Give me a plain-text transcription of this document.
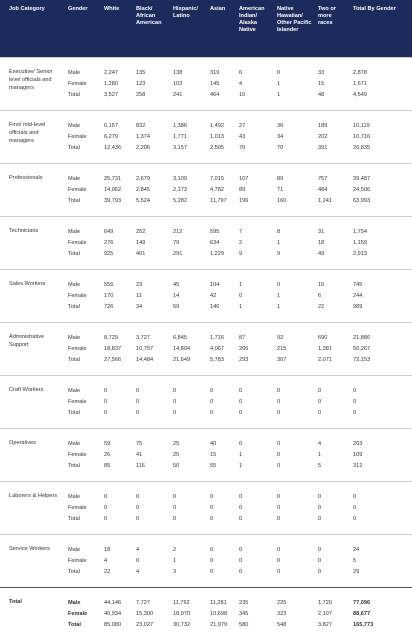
Job Category	Gender	White	Black/ African American	Hispanic/ Latino	Asian	American Indian/ Alaska Native	Native Hawaiian/ Other Pacific Islander	Two or more races	Total By Gender
Executive/ Senior level officials and managers	Male	2,247	135	138	319	6	0	33	2,878
	Female	1,280	123	103	145	4	1	15	1,671
	Total	3,527	258	241	464	10	1	48	4,549
First/ mid-level officials and managers	Male	6,157	832	1,386	1,492	27	36	189	10,119
	Female	6,279	1,374	1,771	1,013	43	34	202	10,716
	Total	12,436	2,206	3,157	2,505	70	70	391	20,835
Professionals	Male	25,731	2,679	3,109	7,015	107	89	757	39,487
	Female	14,062	2,845	2,173	4,782	89	71	484	24,506
	Total	39,793	5,524	5,282	11,797	196	160	1,241	63,993
Technicians	Male	649	252	212	595	7	8	31	1,754
	Female	276	149	79	634	2	1	18	1,159
	Total	925	401	291	1,229	9	9	49	2,913
Sales Workers	Male	556	23	45	104	1	0	16	745
	Female	170	11	14	42	0	1	6	244
	Total	726	34	59	146	1	1	22	989
Administrative Support	Male	8,729	3,727	6,845	1,716	87	92	690	21,886
	Female	18,837	10,757	14,804	4,067	206	215	1,381	50,267
	Total	27,566	14,484	21,649	5,783	293	307	2,071	72,153
Craft Workers	Male	0	0	0	0	0	0	0	0
	Female	0	0	0	0	0	0	0	0
	Total	0	0	0	0	0	0	0	0
Operatives	Male	59	75	25	40	0	0	4	203
	Female	26	41	25	15	1	0	1	109
	Total	85	116	50	55	1	0	5	312
Laborers & Helpers	Male	0	0	0	0	0	0	0	0
	Female	0	0	0	0	0	0	0	0
	Total	0	0	0	0	0	0	0	0
Service Workers	Male	18	4	2	0	0	0	0	24
	Female	4	0	1	0	0	0	0	5
	Total	22	4	3	0	0	0	0	29
Total	Male	44,146	7,727	11,762	11,281	235	225	1,720	77,096
	Female	40,934	15,300	18,970	10,698	345	323	2,107	88,677
	Total	85,080	23,027	30,732	21,979	580	548	3,827	165,773
